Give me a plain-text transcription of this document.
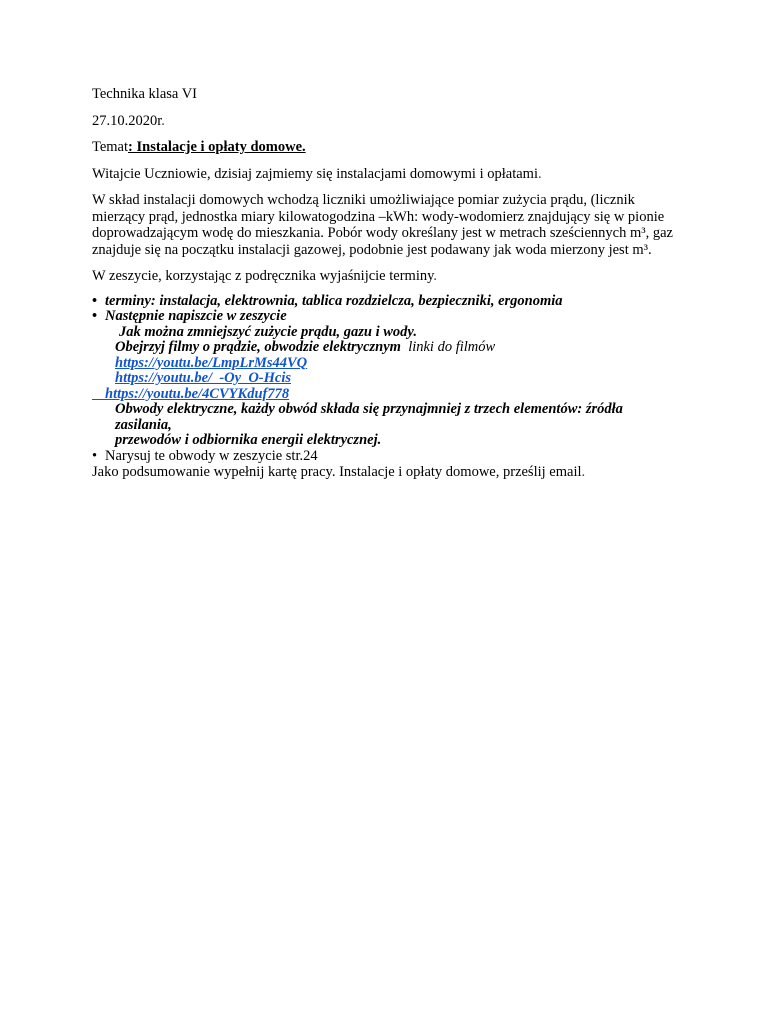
Technika klasa VI

27.10.2020r.

Temat: Instalacje i opłaty domowe.

Witajcie Uczniowie, dzisiaj zajmiemy się instalacjami domowymi i opłatami.

W skład instalacji domowych wchodzą liczniki umożliwiające pomiar zużycia prądu, (licznik
mierzący prąd, jednostka miary kilowatogodzina –kWh: wody-wodomierz znajdujący się w pionie
doprowadzającym wodę do mieszkania. Pobór wody określany jest w metrach sześciennych m³, gaz
znajduje się na początku instalacji gazowej, podobnie jest podawany jak woda mierzony jest m³.

W zeszycie, korzystając z podręcznika wyjaśnijcie terminy.

• terminy: instalacja, elektrownia, tablica rozdzielcza, bezpieczniki, ergonomia
• Następnie napiszcie w zeszycie
Jak można zmniejszyć zużycie prądu, gazu i wody.
Obejrzyj filmy o prądzie, obwodzie elektrycznym linki do filmów
https://youtu.be/LmpLrMs44VQ
https://youtu.be/_-Oy_O-Hcis
https://youtu.be/4CVYKduf778
Obwody elektryczne, każdy obwód składa się przynajmniej z trzech elementów: źródła zasilania,
przewodów i odbiornika energii elektrycznej.
• Narysuj te obwody w zeszycie str.24
Jako podsumowanie wypełnij kartę pracy. Instalacje i opłaty domowe, prześlij email.
